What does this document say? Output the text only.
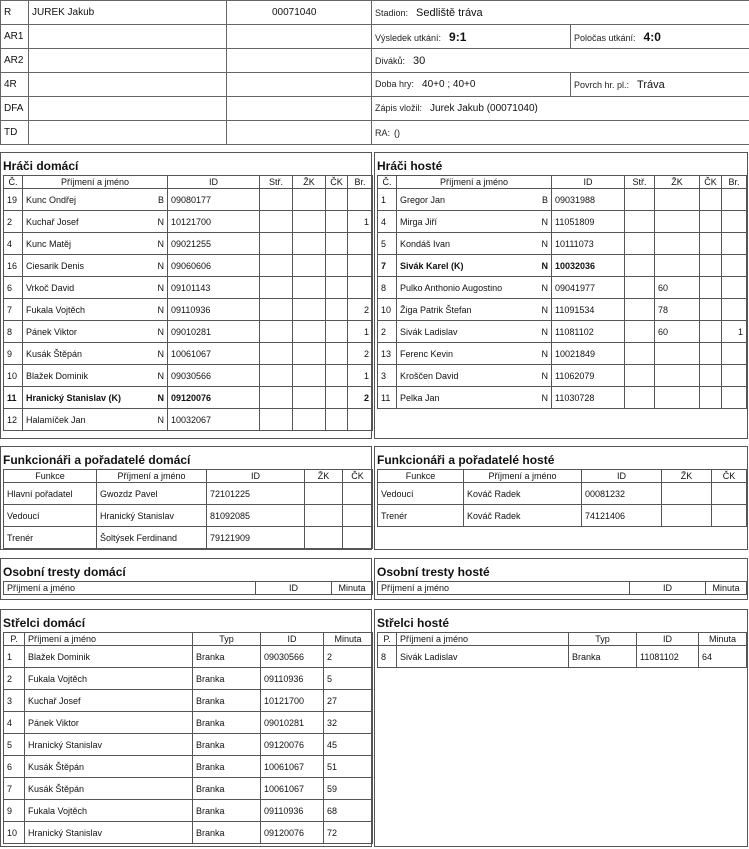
R	JUREK Jakub	00071040	Stadion: Sedliště tráva	
AR1			Výsledek utkání: 9:1	Poločas utkání: 4:0
AR2			Diváků: 30	
4R			Doba hry: 40+0 ; 40+0	Povrch hr. pl.: Tráva
DFA			Zápis vložil: Jurek Jakub (00071040)	
TD			RA: ()	
Hráči domácí
Č.	Příjmení a jméno	ID	Stř.	ŽK	ČK	Br.
19	Kunc Ondřej B	09080177				
2	Kuchař Josef N	10121700				1
4	Kunc Matěj N	09021255				
16	Ciesarik Denis N	09060606				
6	Vrkoč David N	09101143				
7	Fukala Vojtěch N	09110936				2
8	Pánek Viktor N	09010281				1
9	Kusák Štěpán N	10061067				2
10	Blažek Dominik N	09030566				1
11	Hranický Stanislav (K) N	09120076				2
12	Halamíček Jan N	10032067				
Hráči hosté
Č.	Příjmení a jméno	ID	Stř.	ŽK	ČK	Br.
1	Gregor Jan B	09031988				
4	Mirga Jiří N	11051809				
5	Kondáš Ivan N	10111073				
7	Sivák Karel (K) N	10032036				
8	Pulko Anthonio Augostino N	09041977		60		
10	Žiga Patrik Štefan N	11091534		78		
2	Sivák Ladislav N	11081102		60		1
13	Ferenc Kevin N	10021849				
3	Kroščen David N	11062079				
11	Pelka Jan N	11030728				
Funkcionáři a pořadatelé domácí
Funkce	Příjmení a jméno	ID	ŽK	ČK
Hlavní pořadatel	Gwozdz Pavel	72101225		
Vedoucí	Hranický Stanislav	81092085		
Trenér	Šoltýsek Ferdinand	79121909		
Funkcionáři a pořadatelé hosté
Funkce	Příjmení a jméno	ID	ŽK	ČK
Vedoucí	Kováč Radek	00081232		
Trenér	Kováč Radek	74121406		
Osobní tresty domácí
Příjmení a jméno	ID	Minuta
Osobní tresty hosté
Příjmení a jméno	ID	Minuta
Střelci domácí
P.	Příjmení a jméno	Typ	ID	Minuta
1	Blažek Dominik	Branka	09030566	2
2	Fukala Vojtěch	Branka	09110936	5
3	Kuchař Josef	Branka	10121700	27
4	Pánek Viktor	Branka	09010281	32
5	Hranický Stanislav	Branka	09120076	45
6	Kusák Štěpán	Branka	10061067	51
7	Kusák Štěpán	Branka	10061067	59
9	Fukala Vojtěch	Branka	09110936	68
10	Hranický Stanislav	Branka	09120076	72
Střelci hosté
P.	Příjmení a jméno	Typ	ID	Minuta
8	Sivák Ladislav	Branka	11081102	64
